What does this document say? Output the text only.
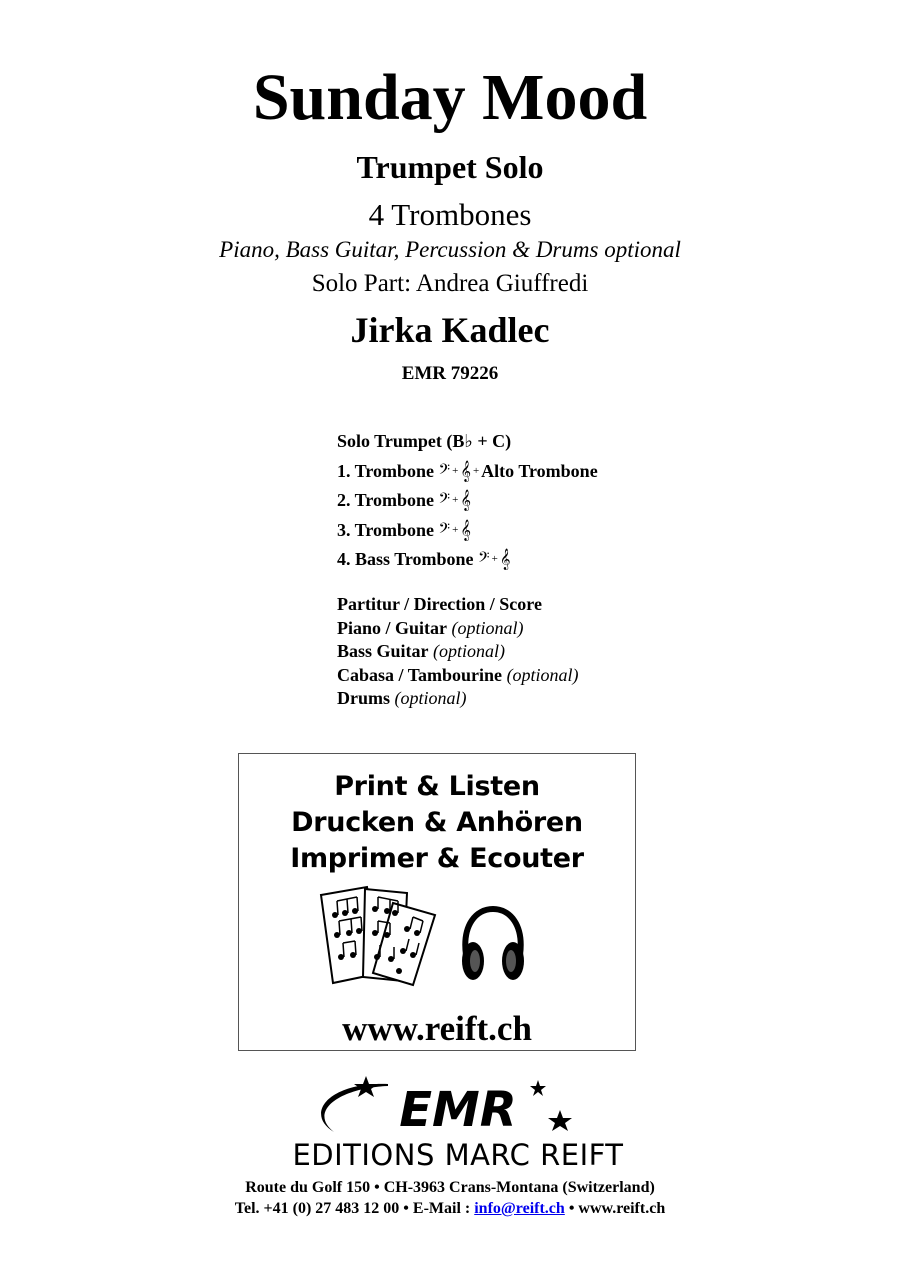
Sunday Mood
Trumpet Solo
4 Trombones
Piano, Bass Guitar, Percussion & Drums optional
Solo Part: Andrea Giuffredi
Jirka Kadlec
EMR 79226
Solo Trumpet (B♭ + C)
1. Trombone 𝄢 + 𝄞 + Alto Trombone
2. Trombone 𝄢 + 𝄞
3. Trombone 𝄢 + 𝄞
4. Bass Trombone 𝄢 + 𝄞
Partitur / Direction / Score
Piano / Guitar (optional)
Bass Guitar (optional)
Cabasa / Tambourine (optional)
Drums (optional)
Print & Listen
Drucken & Anhören
Imprimer & Ecouter
www.reift.ch
EMR
EDITIONS MARC REIFT
Route du Golf 150 • CH-3963 Crans-Montana (Switzerland)
Tel. +41 (0) 27 483 12 00 • E-Mail : info@reift.ch • www.reift.ch
